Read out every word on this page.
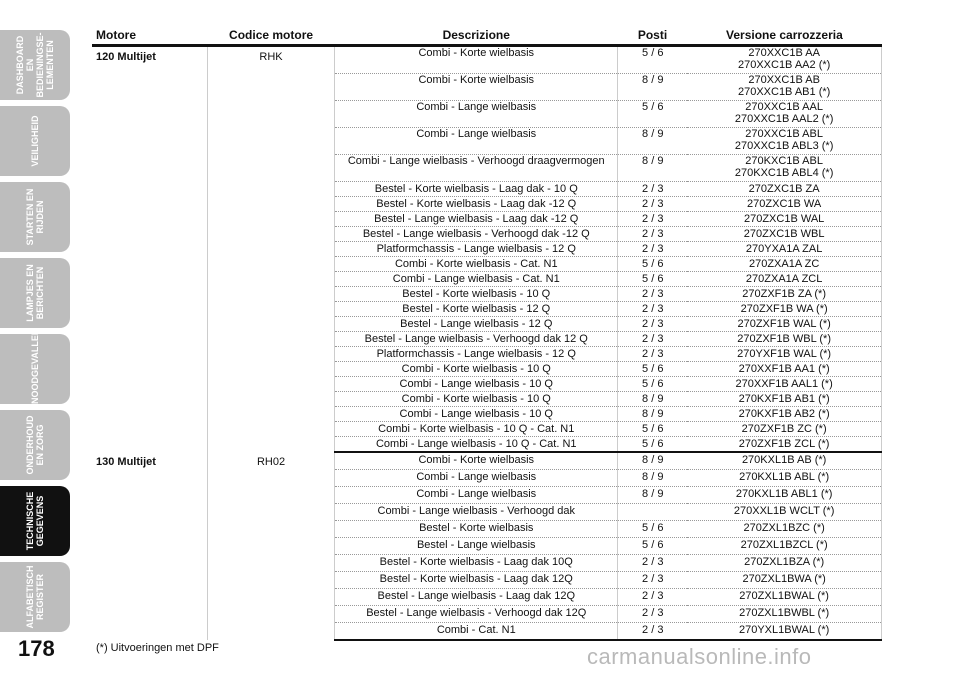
DASHBOARD EN
BEDIENINGSE-
LEMENTEN
VEILIGHEID
STARTEN EN
RIJDEN
LAMPJES EN
BERICHTEN
NOODGEVALLEN
ONDERHOUD
EN ZORG
TECHNISCHE
GEGEVENS
ALFABETISCH
REGISTER
Motore	Codice motore	Descrizione	Posti	Versione carrozzeria
120 Multijet	RHK	Combi - Korte wielbasis	5 / 6	270XXC1B AA
270XXC1B AA2 (*)
		Combi - Korte wielbasis	8 / 9	270XXC1B AB
270XXC1B AB1 (*)
		Combi - Lange wielbasis	5 / 6	270XXC1B AAL
270XXC1B AAL2 (*)
		Combi - Lange wielbasis	8 / 9	270XXC1B ABL
270XXC1B ABL3 (*)
		Combi - Lange wielbasis - Verhoogd draagvermogen	8 / 9	270KXC1B ABL
270KXC1B ABL4 (*)
		Bestel - Korte wielbasis - Laag dak - 10 Q	2 / 3	270ZXC1B ZA
		Bestel - Korte wielbasis - Laag dak -12 Q	2 / 3	270ZXC1B WA
		Bestel - Lange wielbasis - Laag dak -12 Q	2 / 3	270ZXC1B WAL
		Bestel - Lange wielbasis - Verhoogd dak -12 Q	2 / 3	270ZXC1B WBL
		Platformchassis - Lange wielbasis - 12 Q	2 / 3	270YXA1A ZAL
		Combi - Korte wielbasis - Cat. N1	5 / 6	270ZXA1A ZC
		Combi - Lange wielbasis - Cat. N1	5 / 6	270ZXA1A ZCL
		Bestel - Korte wielbasis - 10 Q	2 / 3	270ZXF1B ZA (*)
		Bestel - Korte wielbasis - 12 Q	2 / 3	270ZXF1B WA (*)
		Bestel - Lange wielbasis - 12 Q	2 / 3	270ZXF1B WAL (*)
		Bestel - Lange wielbasis - Verhoogd dak 12 Q	2 / 3	270ZXF1B WBL (*)
		Platformchassis - Lange wielbasis - 12 Q	2 / 3	270YXF1B WAL (*)
		Combi - Korte wielbasis - 10 Q	5 / 6	270XXF1B AA1 (*)
		Combi - Lange wielbasis - 10 Q	5 / 6	270XXF1B AAL1 (*)
		Combi - Korte wielbasis - 10 Q	8 / 9	270KXF1B AB1 (*)
		Combi - Lange wielbasis - 10 Q	8 / 9	270KXF1B AB2 (*)
		Combi - Korte wielbasis - 10 Q - Cat. N1	5 / 6	270ZXF1B ZC (*)
		Combi - Lange wielbasis - 10 Q - Cat. N1	5 / 6	270ZXF1B ZCL (*)
130 Multijet	RH02	Combi - Korte wielbasis	8 / 9	270KXL1B AB (*)
		Combi - Lange wielbasis	8 / 9	270KXL1B ABL (*)
		Combi - Lange wielbasis	8 / 9	270KXL1B ABL1 (*)
		Combi - Lange wielbasis - Verhoogd dak		270XXL1B WCLT (*)
		Bestel - Korte wielbasis	5 / 6	270ZXL1BZC (*)
		Bestel - Lange wielbasis	5 / 6	270ZXL1BZCL (*)
		Bestel - Korte wielbasis - Laag dak 10Q	2 / 3	270ZXL1BZA (*)
		Bestel - Korte wielbasis - Laag dak 12Q	2 / 3	270ZXL1BWA (*)
		Bestel - Lange wielbasis - Laag dak 12Q	2 / 3	270ZXL1BWAL (*)
		Bestel - Lange wielbasis - Verhoogd dak 12Q	2 / 3	270ZXL1BWBL (*)
		Combi - Cat. N1	2 / 3	270YXL1BWAL (*)
178	(*) Uitvoeringen met DPF	carmanualsonline.info
